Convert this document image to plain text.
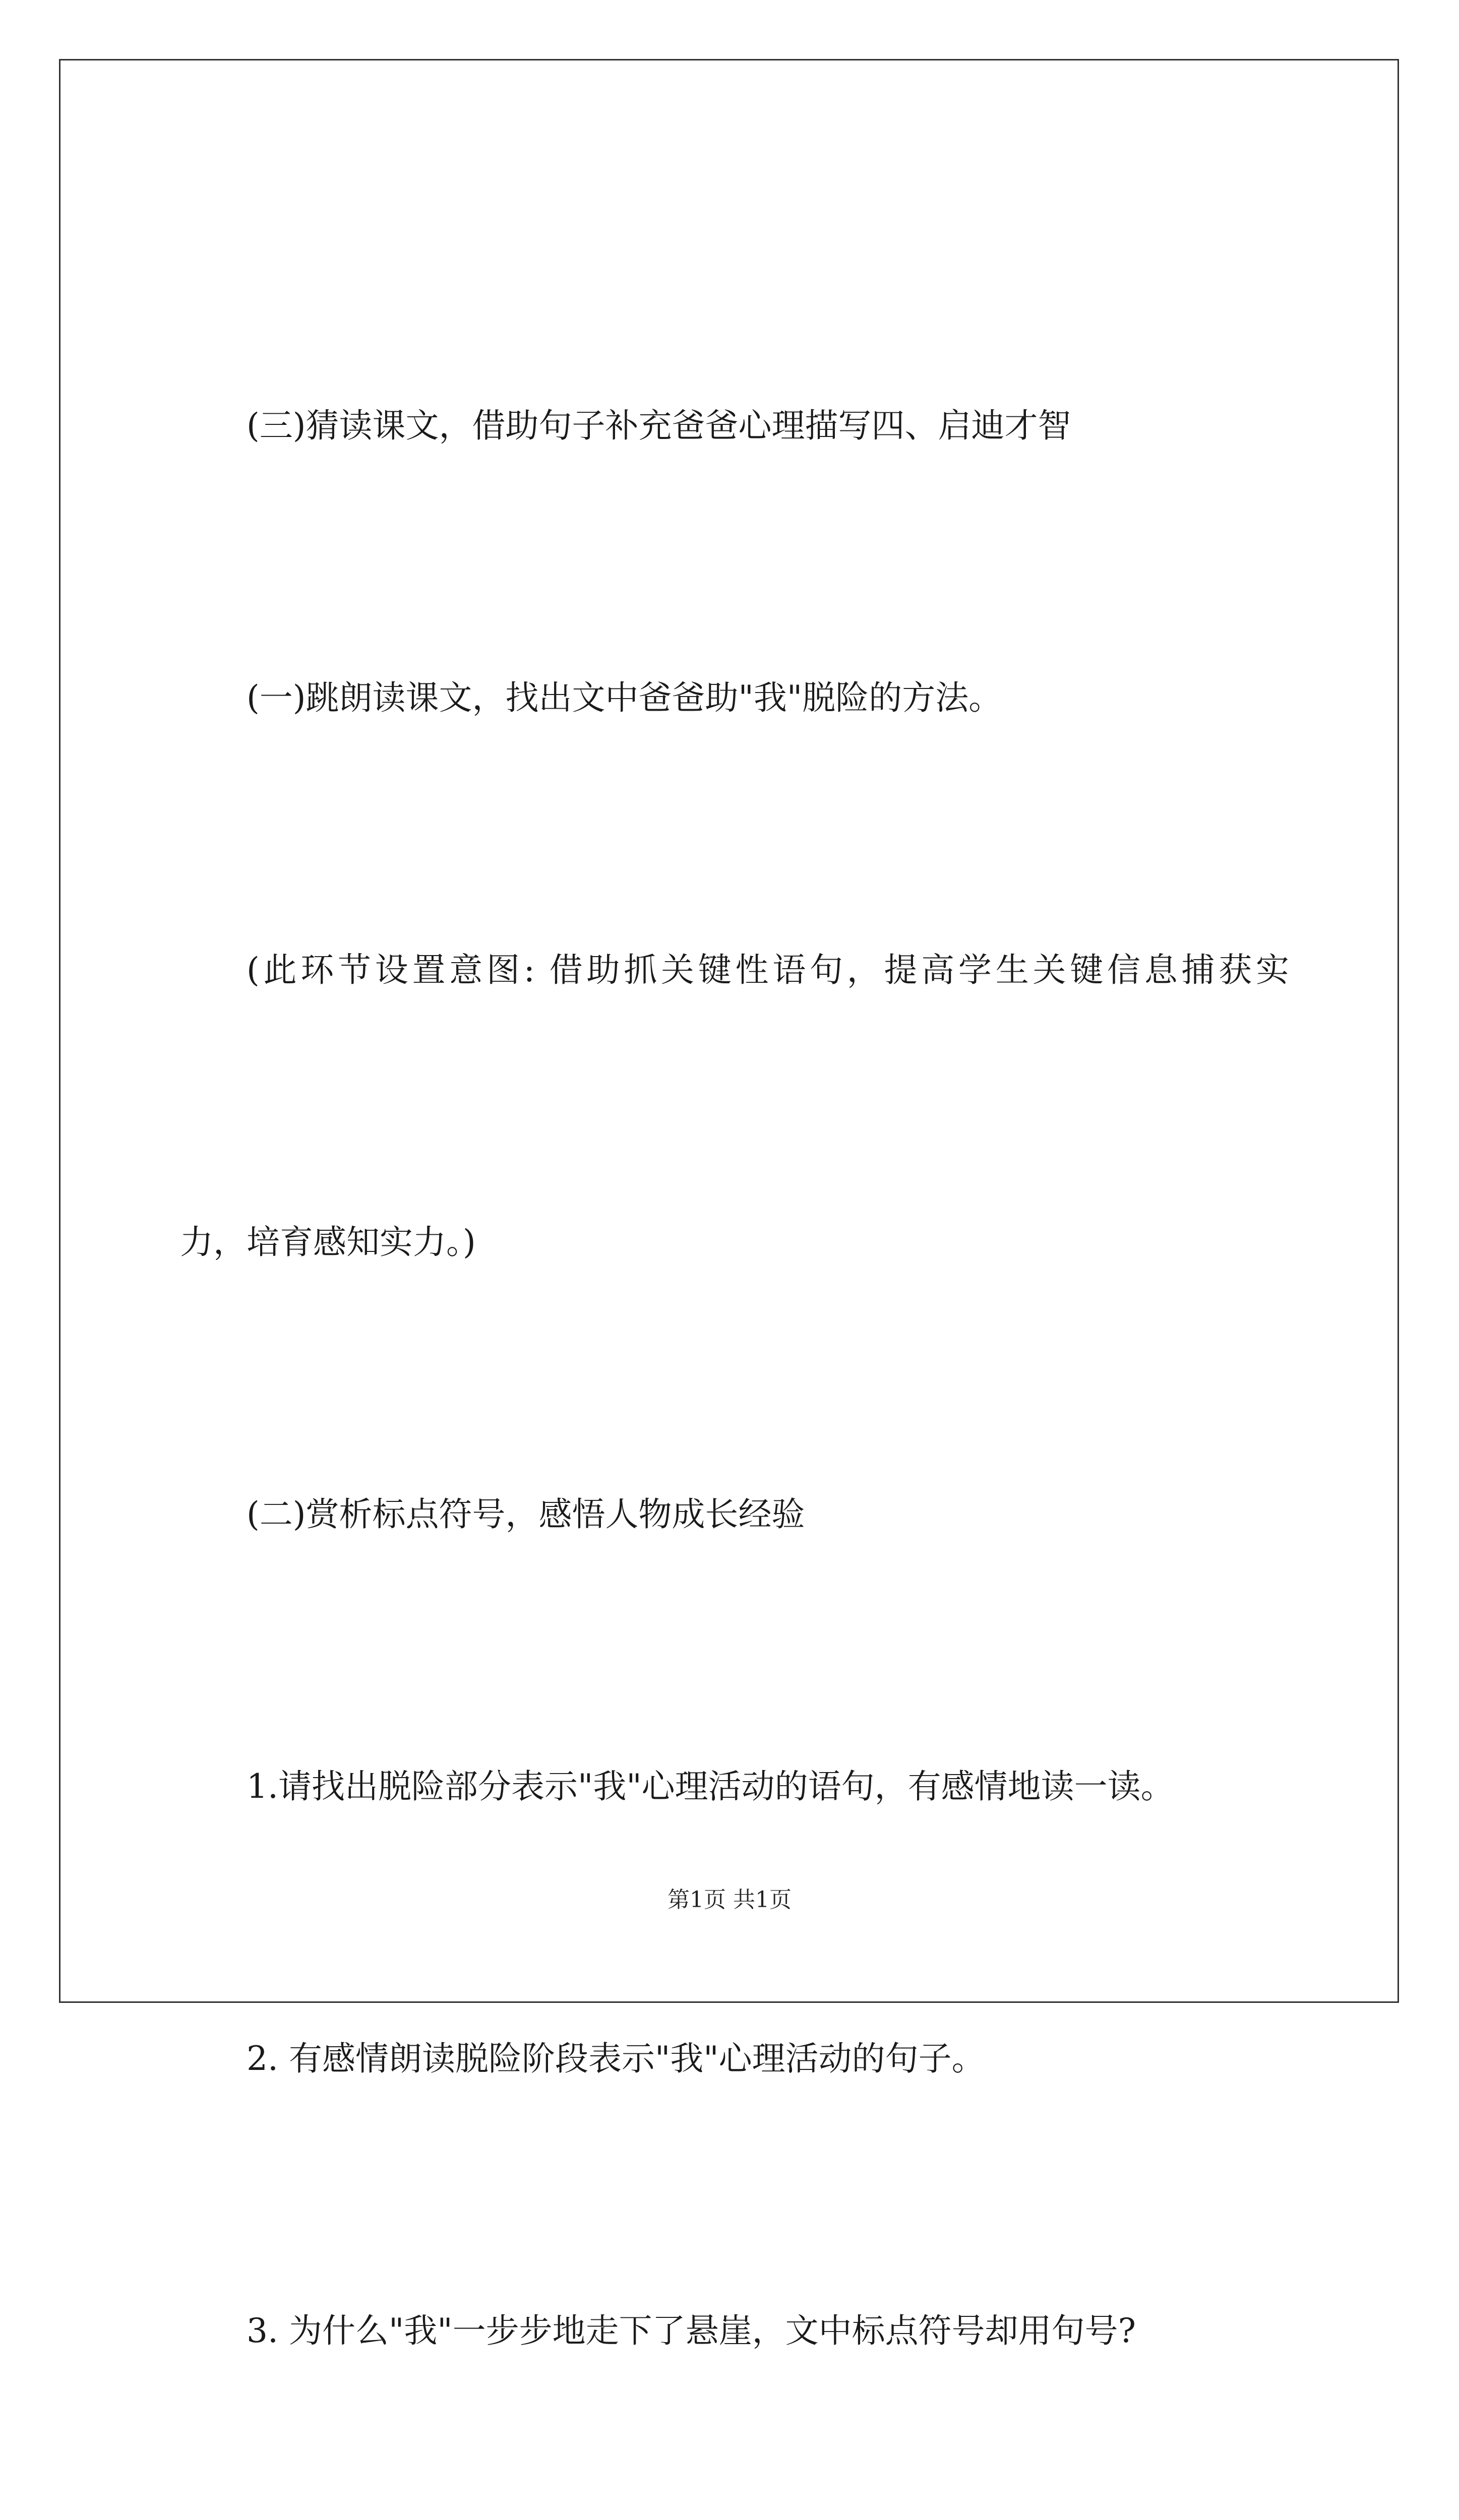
(三)猜读课文，借助句子补充爸爸心理描写四、启迪才智

(一)跳朗读课文，找出文中爸爸助"我"脱险的方法。

(此环节设置意图: 借助抓关键性语句，提高学生关键信息捕获实

力，培育感知实力。)

(二)赏析标点符号，感悟人物成长经验

1.请找出脱险部分表示"我"心理活动的语句，有感情地读一读。

2. 有感情朗读脱险阶段表示"我"心理活动的句子。

3. 为什么"我"一步步地走下了悬崖，文中标点符号却用句号?

第1页 共1页
